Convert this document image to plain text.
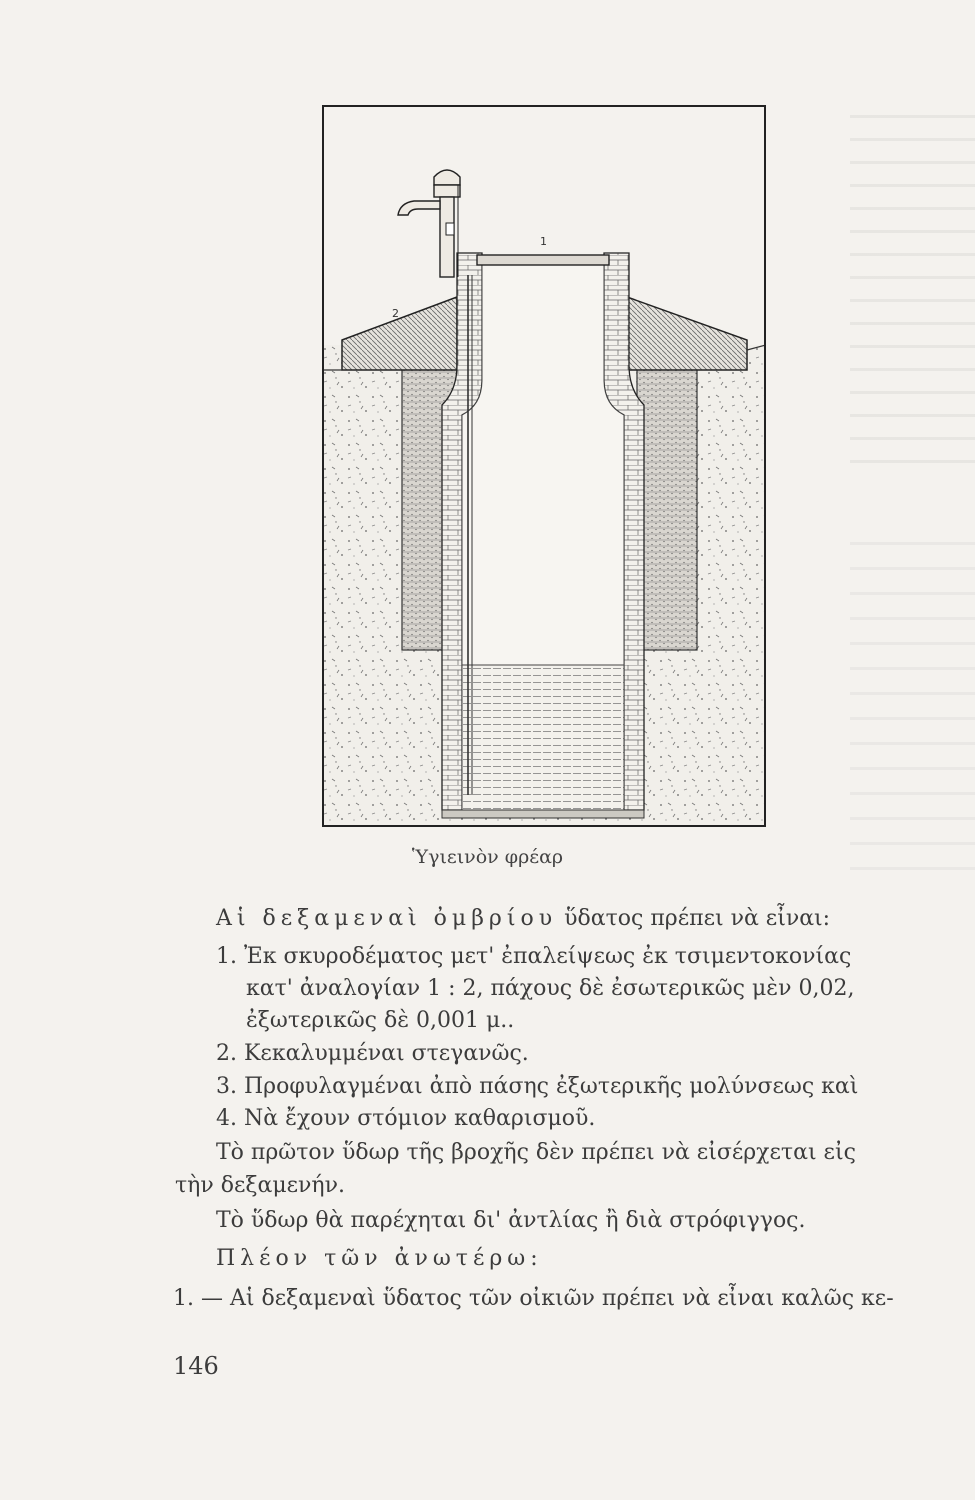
1
2
Ὑγιεινὸν φρέαρ
Αἱ δεξαμεναὶ ὀμβρίου ὕδατος πρέπει νὰ εἶναι:
1. Ἐκ σκυροδέματος μετ' ἐπαλείψεως ἐκ τσιμεντοκονίας
κατ' ἀναλογίαν 1 : 2, πάχους δὲ ἐσωτερικῶς μὲν 0,02,
ἐξωτερικῶς δὲ 0,001 μ..
2. Κεκαλυμμέναι στεγανῶς.
3. Προφυλαγμέναι ἀπὸ πάσης ἐξωτερικῆς μολύνσεως καὶ
4. Νὰ ἔχουν στόμιον καθαρισμοῦ.
Τὸ πρῶτον ὕδωρ τῆς βροχῆς δὲν πρέπει νὰ εἰσέρχεται εἰς
τὴν δεξαμενήν.
Τὸ ὕδωρ θὰ παρέχηται δι' ἀντλίας ἢ διὰ στρόφιγγος.
Πλέον τῶν ἀνωτέρω:
1. — Αἱ δεξαμεναὶ ὕδατος τῶν οἰκιῶν πρέπει νὰ εἶναι καλῶς κε-
146
